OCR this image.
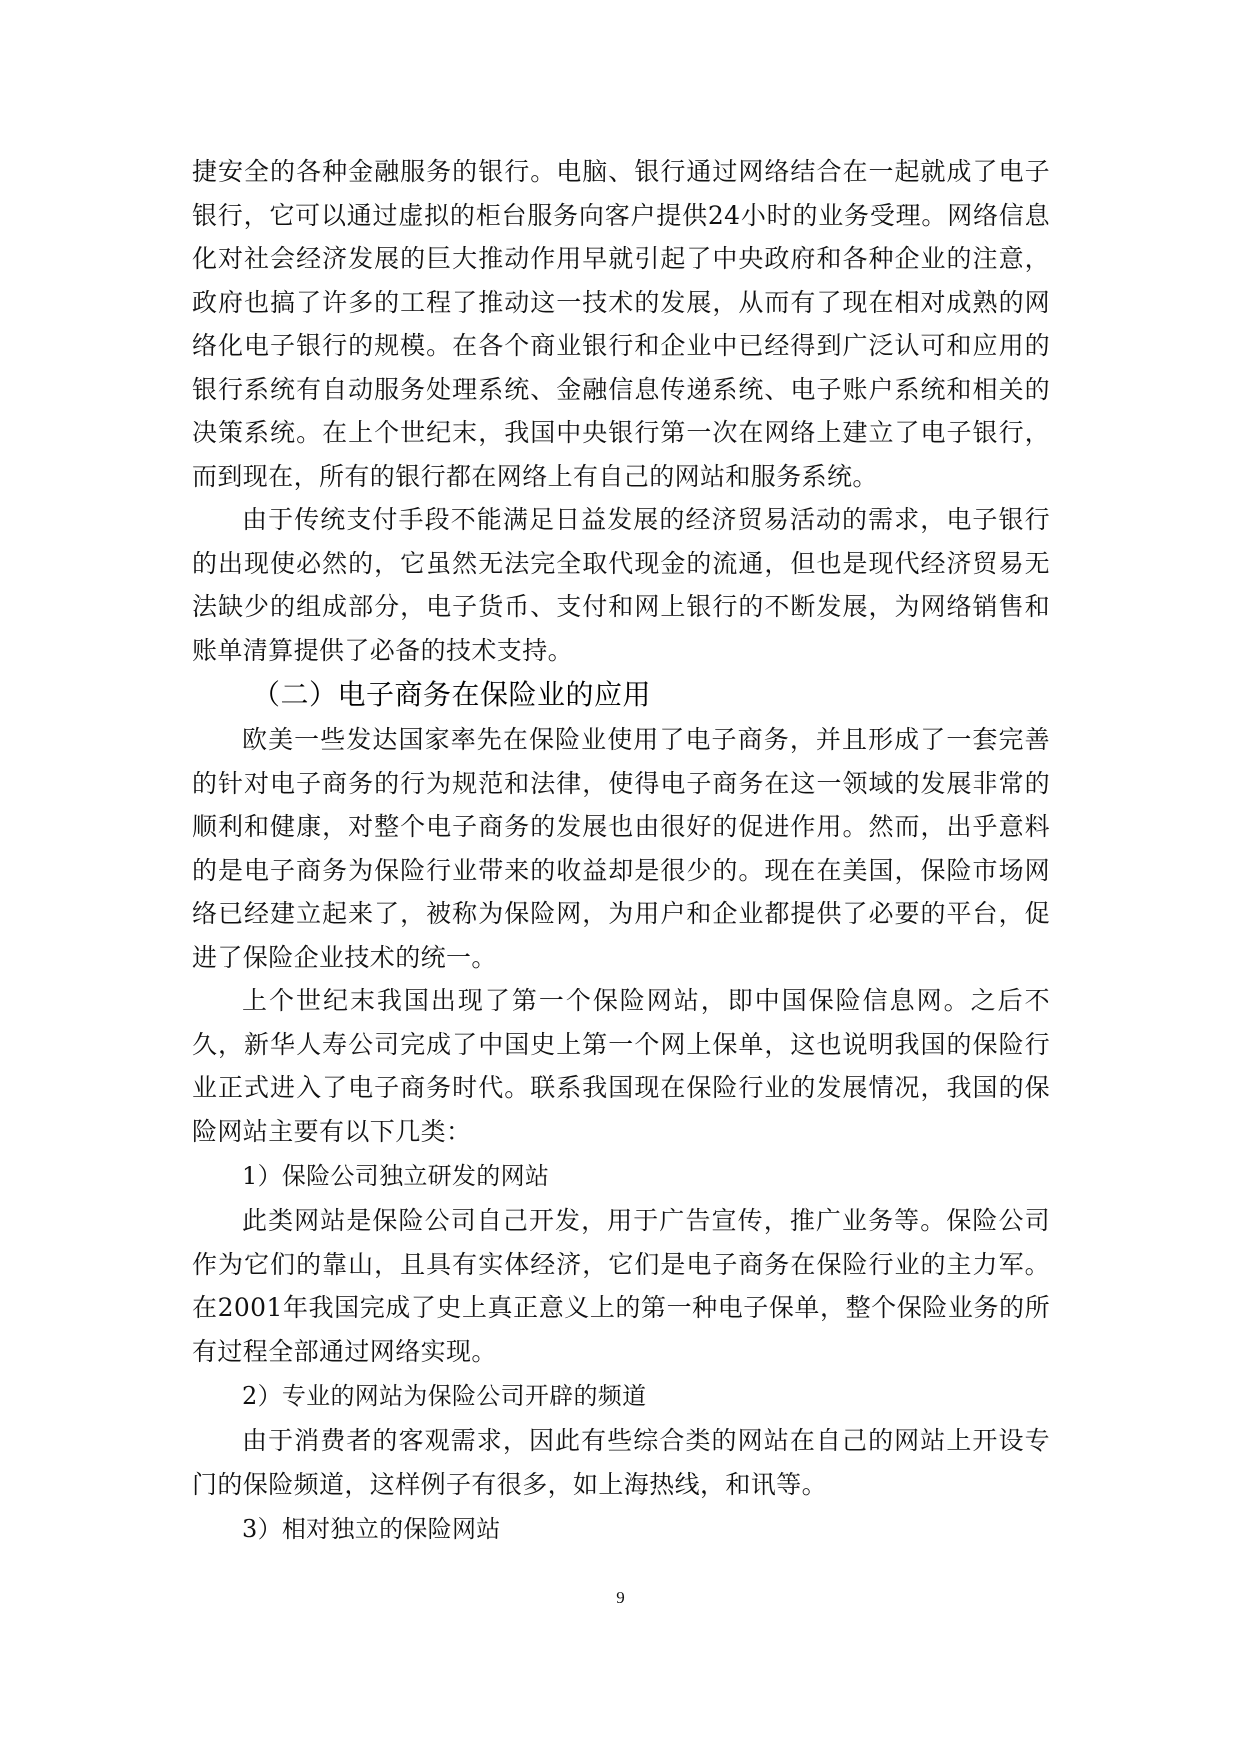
捷安全的各种金融服务的银行。电脑、银行通过网络结合在一起就成了电子银行，它可以通过虚拟的柜台服务向客户提供24小时的业务受理。网络信息化对社会经济发展的巨大推动作用早就引起了中央政府和各种企业的注意，政府也搞了许多的工程了推动这一技术的发展，从而有了现在相对成熟的网络化电子银行的规模。在各个商业银行和企业中已经得到广泛认可和应用的银行系统有自动服务处理系统、金融信息传递系统、电子账户系统和相关的决策系统。在上个世纪末，我国中央银行第一次在网络上建立了电子银行，而到现在，所有的银行都在网络上有自己的网站和服务系统。

由于传统支付手段不能满足日益发展的经济贸易活动的需求，电子银行的出现使必然的，它虽然无法完全取代现金的流通，但也是现代经济贸易无法缺少的组成部分，电子货币、支付和网上银行的不断发展，为网络销售和账单清算提供了必备的技术支持。

（二）电子商务在保险业的应用

欧美一些发达国家率先在保险业使用了电子商务，并且形成了一套完善的针对电子商务的行为规范和法律，使得电子商务在这一领域的发展非常的顺利和健康，对整个电子商务的发展也由很好的促进作用。然而，出乎意料的是电子商务为保险行业带来的收益却是很少的。现在在美国，保险市场网络已经建立起来了，被称为保险网，为用户和企业都提供了必要的平台，促进了保险企业技术的统一。

上个世纪末我国出现了第一个保险网站，即中国保险信息网。之后不久，新华人寿公司完成了中国史上第一个网上保单，这也说明我国的保险行业正式进入了电子商务时代。联系我国现在保险行业的发展情况，我国的保险网站主要有以下几类：

1）保险公司独立研发的网站

此类网站是保险公司自己开发，用于广告宣传，推广业务等。保险公司作为它们的靠山，且具有实体经济，它们是电子商务在保险行业的主力军。在2001年我国完成了史上真正意义上的第一种电子保单，整个保险业务的所有过程全部通过网络实现。

2）专业的网站为保险公司开辟的频道

由于消费者的客观需求，因此有些综合类的网站在自己的网站上开设专门的保险频道，这样例子有很多，如上海热线，和讯等。

3）相对独立的保险网站

9
